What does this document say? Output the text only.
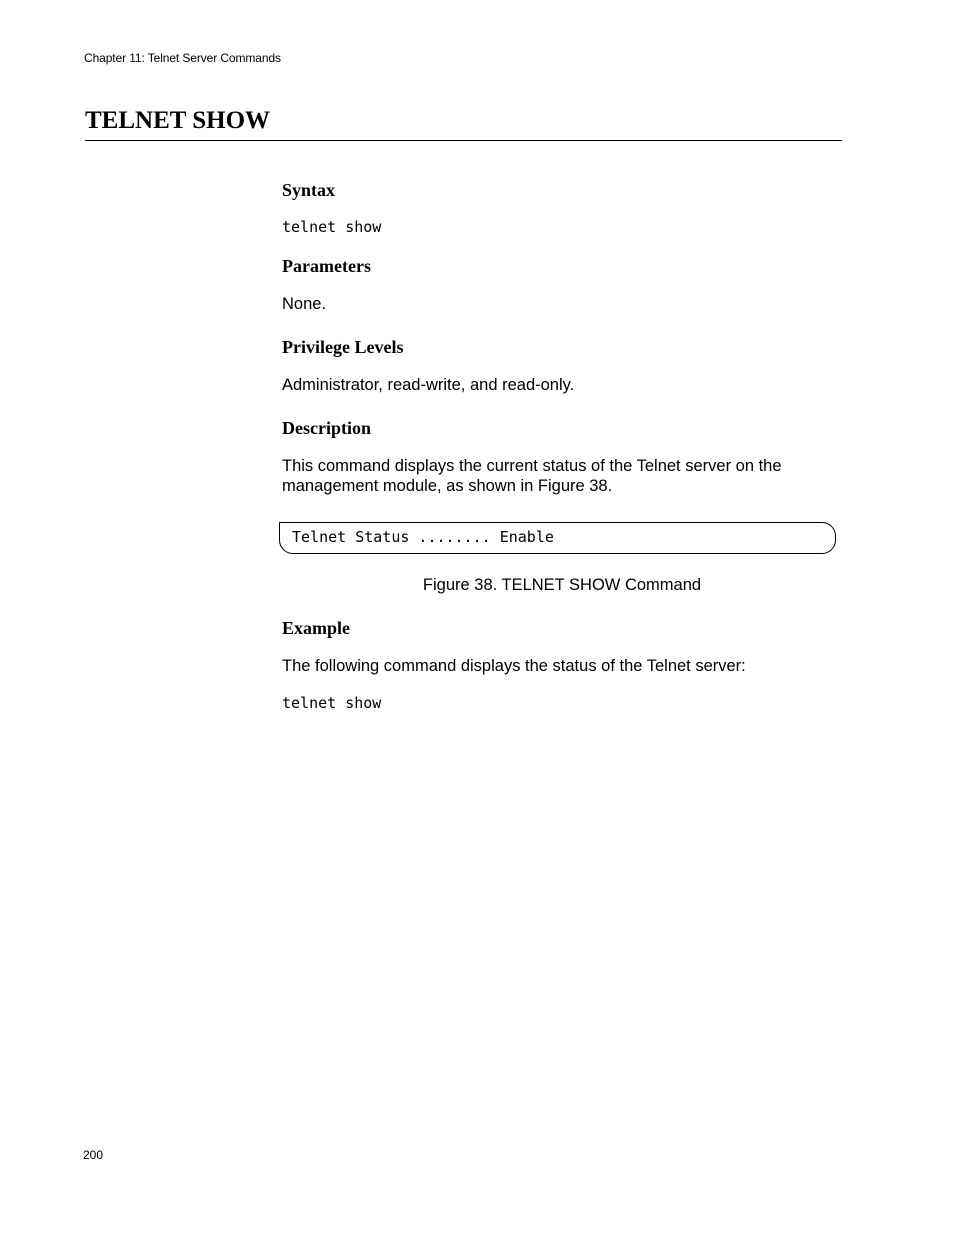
Chapter 11: Telnet Server Commands
TELNET SHOW
Syntax
telnet show
Parameters
None.
Privilege Levels
Administrator, read-write, and read-only.
Description
This command displays the current status of the Telnet server on the management module, as shown in Figure 38.
Telnet Status ........ Enable
Figure 38. TELNET SHOW Command
Example
The following command displays the status of the Telnet server:
telnet show
200
